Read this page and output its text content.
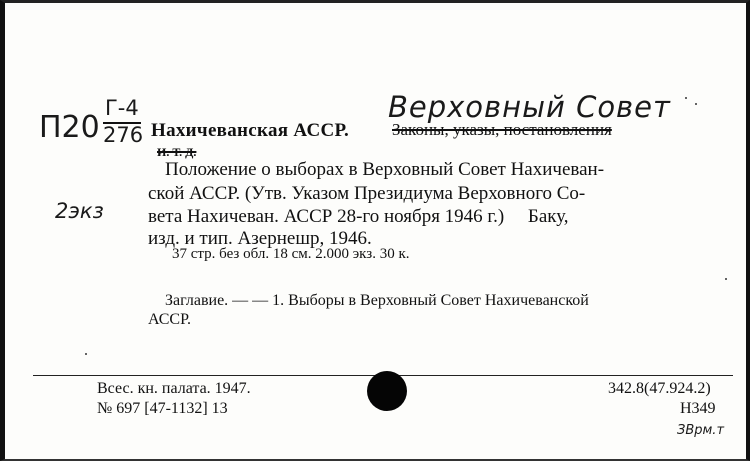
П20
Г-4
276 Нахичеванская АССР.
Верховный Совет
Законы, указы, постановления
И. Т. Д.
2экз
Положение о выборах в Верховный Совет Нахичеван-
ской АССР. (Утв. Указом Президиума Верховного Со-
вета Нахичеван. АССР 28-го ноября 1946 г.)     Баку,
изд. и тип. Азернешр, 1946.
37 стр. без обл. 18 см. 2.000 экз. 30 к.
Заглавие. — — 1. Выборы в Верховный Совет Нахичеванской
АССР.
Всес. кн. палата. 1947.
№ 697 [47-1132] 13
342.8(47.924.2)
Н349
ЗВрм.т
